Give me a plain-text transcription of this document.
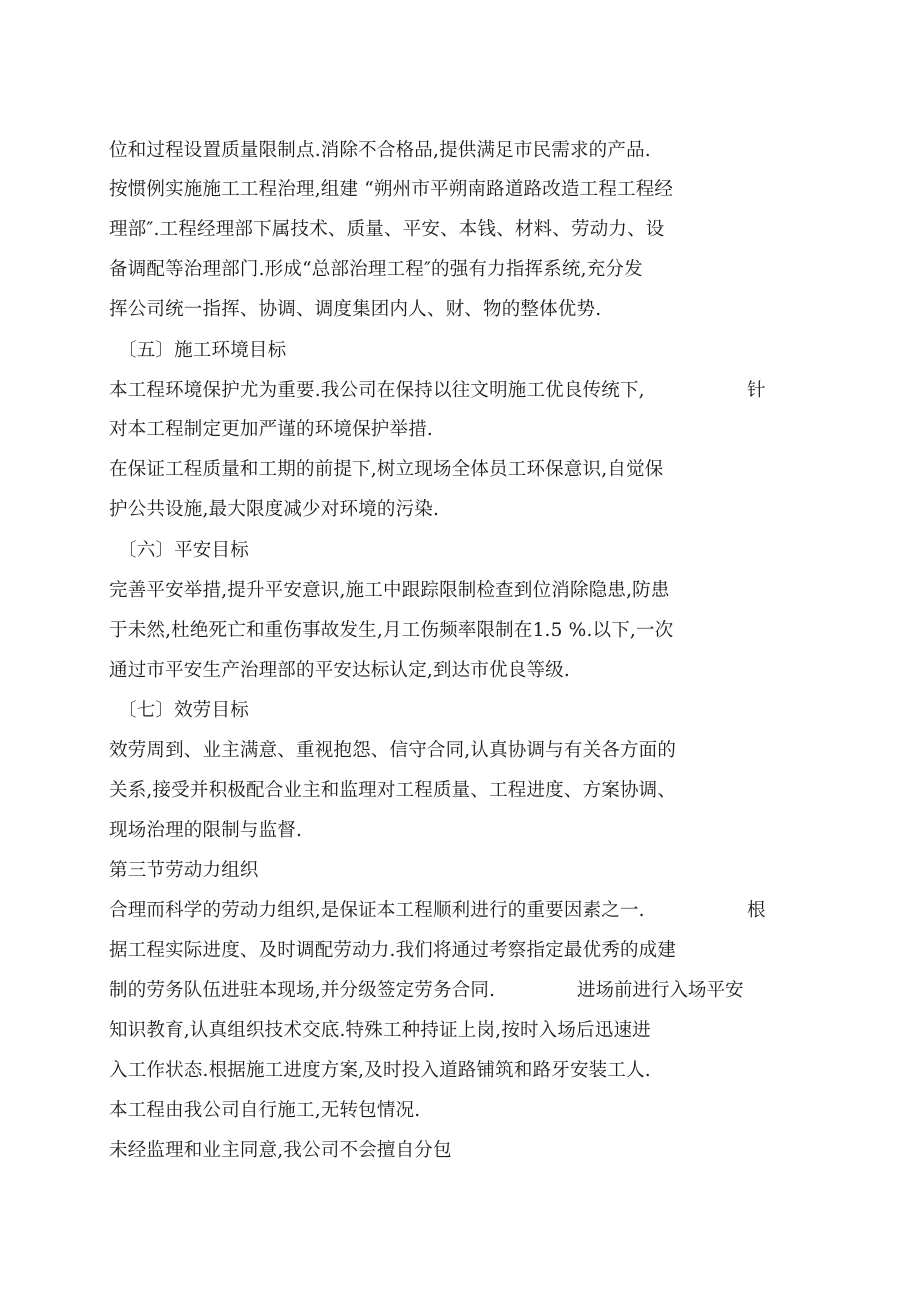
位和过程设置质量限制点.消除不合格品,提供满足市民需求的产品.
按惯例实施施工工程治理,组建 “朔州市平朔南路道路改造工程工程经
理部″.工程经理部下属技术、质量、平安、本钱、材料、劳动力、设
备调配等治理部门.形成“总部治理工程″的强有力指挥系统,充分发
挥公司统一指挥、协调、调度集团内人、财、物的整体优势.
〔五〕施工环境目标
本工程环境保护尤为重要.我公司在保持以往文明施工优良传统下,	针
对本工程制定更加严谨的环境保护举措.
在保证工程质量和工期的前提下,树立现场全体员工环保意识,自觉保
护公共设施,最大限度减少对环境的污染.
〔六〕平安目标
完善平安举措,提升平安意识,施工中跟踪限制检查到位消除隐患,防患
于未然,杜绝死亡和重伤事故发生,月工伤频率限制在1.5 %.以下,一次
通过市平安生产治理部的平安达标认定,到达市优良等级.
〔七〕效劳目标
效劳周到、业主满意、重视抱怨、信守合同,认真协调与有关各方面的
关系,接受并积极配合业主和监理对工程质量、工程进度、方案协调、
现场治理的限制与监督.
第三节劳动力组织
合理而科学的劳动力组织,是保证本工程顺利进行的重要因素之一.	根
据工程实际进度、及时调配劳动力.我们将通过考察指定最优秀的成建
制的劳务队伍进驻本现场,并分级签定劳务合同.	进场前进行入场平安
知识教育,认真组织技术交底.特殊工种持证上岗,按时入场后迅速进
入工作状态.根据施工进度方案,及时投入道路铺筑和路牙安装工人.
本工程由我公司自行施工,无转包情况.
未经监理和业主同意,我公司不会擅自分包
